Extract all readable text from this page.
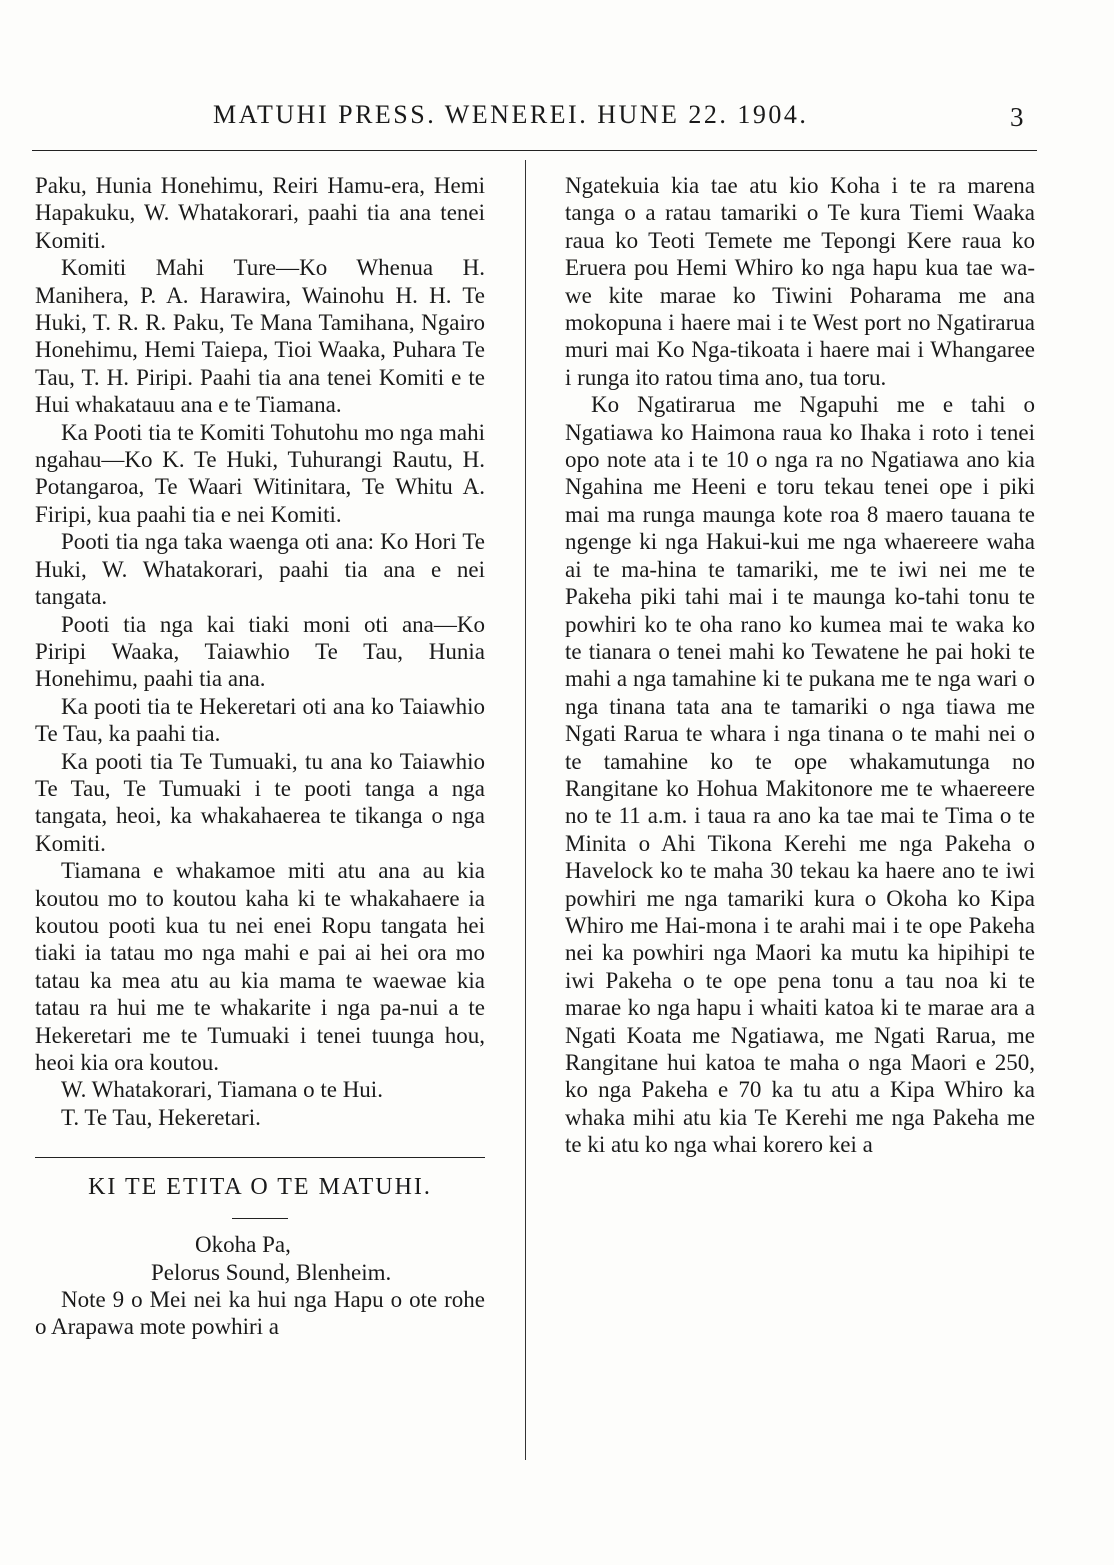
MATUHI PRESS. WENEREI. HUNE 22. 1904.	3

Paku, Hunia Honehimu, Reiri Hamu-era, Hemi Hapakuku, W. Whatakorari, paahi tia ana tenei Komiti.

Komiti Mahi Ture—Ko Whenua H. Manihera, P. A. Harawira, Wainohu H. H. Te Huki, T. R. R. Paku, Te Mana Tamihana, Ngairo Honehimu, Hemi Taiepa, Tioi Waaka, Puhara Te Tau, T. H. Piripi. Paahi tia ana tenei Komiti e te Hui whakatauu ana e te Tiamana.

Ka Pooti tia te Komiti Tohutohu mo nga mahi ngahau—Ko K. Te Huki, Tuhurangi Rautu, H. Potangaroa, Te Waari Witinitara, Te Whitu A. Firipi, kua paahi tia e nei Komiti.

Pooti tia nga taka waenga oti ana: Ko Hori Te Huki, W. Whatakorari, paahi tia ana e nei tangata.

Pooti tia nga kai tiaki moni oti ana—Ko Piripi Waaka, Taiawhio Te Tau, Hunia Honehimu, paahi tia ana.

Ka pooti tia te Hekeretari oti ana ko Taiawhio Te Tau, ka paahi tia.

Ka pooti tia Te Tumuaki, tu ana ko Taiawhio Te Tau, Te Tumuaki i te pooti tanga a nga tangata, heoi, ka whakahaerea te tikanga o nga Komiti.

Tiamana e whakamoe miti atu ana au kia koutou mo to koutou kaha ki te whakahaere ia koutou pooti kua tu nei enei Ropu tangata hei tiaki ia tatau mo nga mahi e pai ai hei ora mo tatau ka mea atu au kia mama te waewae kia tatau ra hui me te whakarite i nga pa-nui a te Hekeretari me te Tumuaki i tenei tuunga hou, heoi kia ora koutou.

W. Whatakorari, Tiamana o te Hui.

T. Te Tau, Hekeretari.

KI TE ETITA O TE MATUHI.

Okoha Pa,

Pelorus Sound, Blenheim.

Note 9 o Mei nei ka hui nga Hapu o ote rohe o Arapawa mote powhiri a

Ngatekuia kia tae atu kio Koha i te ra marena tanga o a ratau tamariki o Te kura Tiemi Waaka raua ko Teoti Temete me Tepongi Kere raua ko Eruera pou Hemi Whiro ko nga hapu kua tae wa-we kite marae ko Tiwini Poharama me ana mokopuna i haere mai i te West port no Ngatirarua muri mai Ko Nga-tikoata i haere mai i Whangaree i runga ito ratou tima ano, tua toru.

Ko Ngatirarua me Ngapuhi me e tahi o Ngatiawa ko Haimona raua ko Ihaka i roto i tenei opo note ata i te 10 o nga ra no Ngatiawa ano kia Ngahina me Heeni e toru tekau tenei ope i piki mai ma runga maunga kote roa 8 maero tauana te ngenge ki nga Hakui-kui me nga whaereere waha ai te ma-hina te tamariki, me te iwi nei me te Pakeha piki tahi mai i te maunga ko-tahi tonu te powhiri ko te oha rano ko kumea mai te waka ko te tianara o tenei mahi ko Tewatene he pai hoki te mahi a nga tamahine ki te pukana me te nga wari o nga tinana tata ana te tamariki o nga tiawa me Ngati Rarua te whara i nga tinana o te mahi nei o te tamahine ko te ope whakamutunga no Rangitane ko Hohua Makitonore me te whaereere no te 11 a.m. i taua ra ano ka tae mai te Tima o te Minita o Ahi Tikona Kerehi me nga Pakeha o Havelock ko te maha 30 tekau ka haere ano te iwi powhiri me nga tamariki kura o Okoha ko Kipa Whiro me Hai-mona i te arahi mai i te ope Pakeha nei ka powhiri nga Maori ka mutu ka hipihipi te iwi Pakeha o te ope pena tonu a tau noa ki te marae ko nga hapu i whaiti katoa ki te marae ara a Ngati Koata me Ngatiawa, me Ngati Rarua, me Rangitane hui katoa te maha o nga Maori e 250, ko nga Pakeha e 70 ka tu atu a Kipa Whiro ka whaka mihi atu kia Te Kerehi me nga Pakeha me te ki atu ko nga whai korero kei a
